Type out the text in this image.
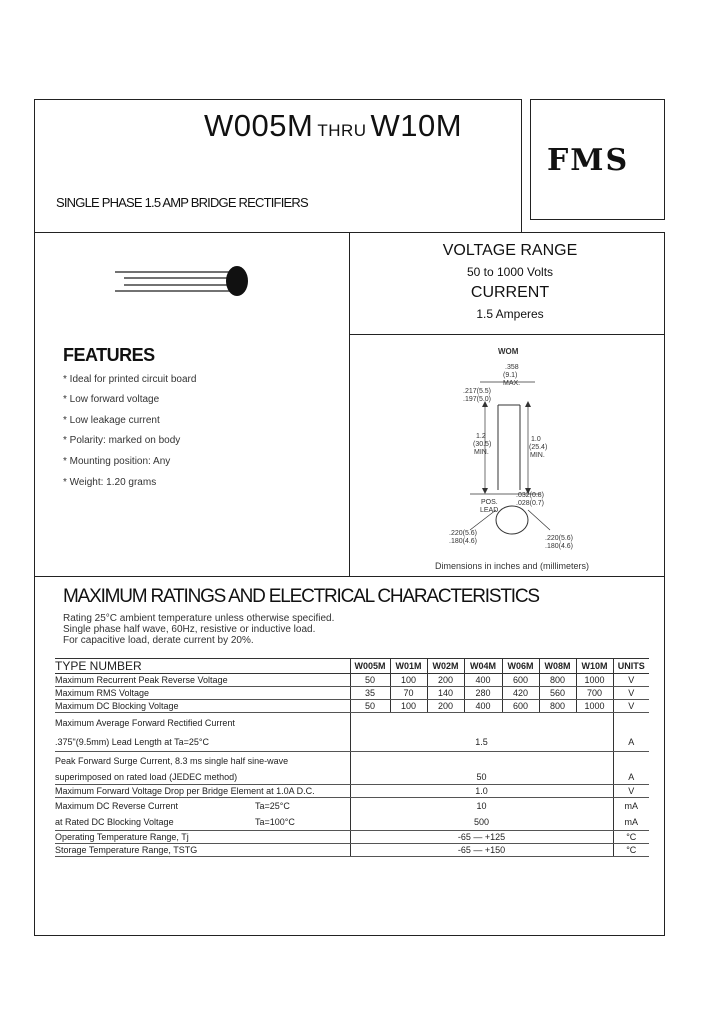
W005M THRU W10M
SINGLE PHASE 1.5 AMP BRIDGE RECTIFIERS
FMS
VOLTAGE RANGE
50 to 1000 Volts
CURRENT
1.5 Amperes
FEATURES
* Ideal for printed circuit board
* Low forward voltage
* Low leakage current
* Polarity: marked on body
* Mounting position: Any
* Weight: 1.20 grams
WOM
.358
(9.1)
MAX.
.217(5.5)
.197(5.0)
1.2
(30.5)
MIN.
1.0
(25.4)
MIN.
POS.
LEAD
.032(0.8)
.028(0.7)
.220(5.6)
.180(4.6)	.220(5.6)
.180(4.6)
Dimensions in inches and (millimeters)
MAXIMUM RATINGS AND ELECTRICAL CHARACTERISTICS
Rating 25°C ambient temperature unless otherwise specified.
Single phase half wave, 60Hz, resistive or inductive load.
For capacitive load, derate current by 20%.
TYPE NUMBER	W005M	W01M	W02M	W04M	W06M	W08M	W10M	UNITS
Maximum Recurrent Peak Reverse Voltage	50	100	200	400	600	800	1000	V
Maximum RMS Voltage	35	70	140	280	420	560	700	V
Maximum DC Blocking Voltage	50	100	200	400	600	800	1000	V
Maximum Average Forward Rectified Current								
.375"(9.5mm) Lead Length at Ta=25°C	1.5							A
Peak Forward Surge Current, 8.3 ms single half sine-wave								
superimposed on rated load (JEDEC method)	50							A
Maximum Forward Voltage Drop per Bridge Element at 1.0A D.C.	1.0							V
Maximum DC Reverse Current Ta=25°C	10							mA
at Rated DC Blocking Voltage Ta=100°C	500							mA
Operating Temperature Range, Tj	-65 — +125							°C
Storage Temperature Range, TSTG	-65 — +150							°C
